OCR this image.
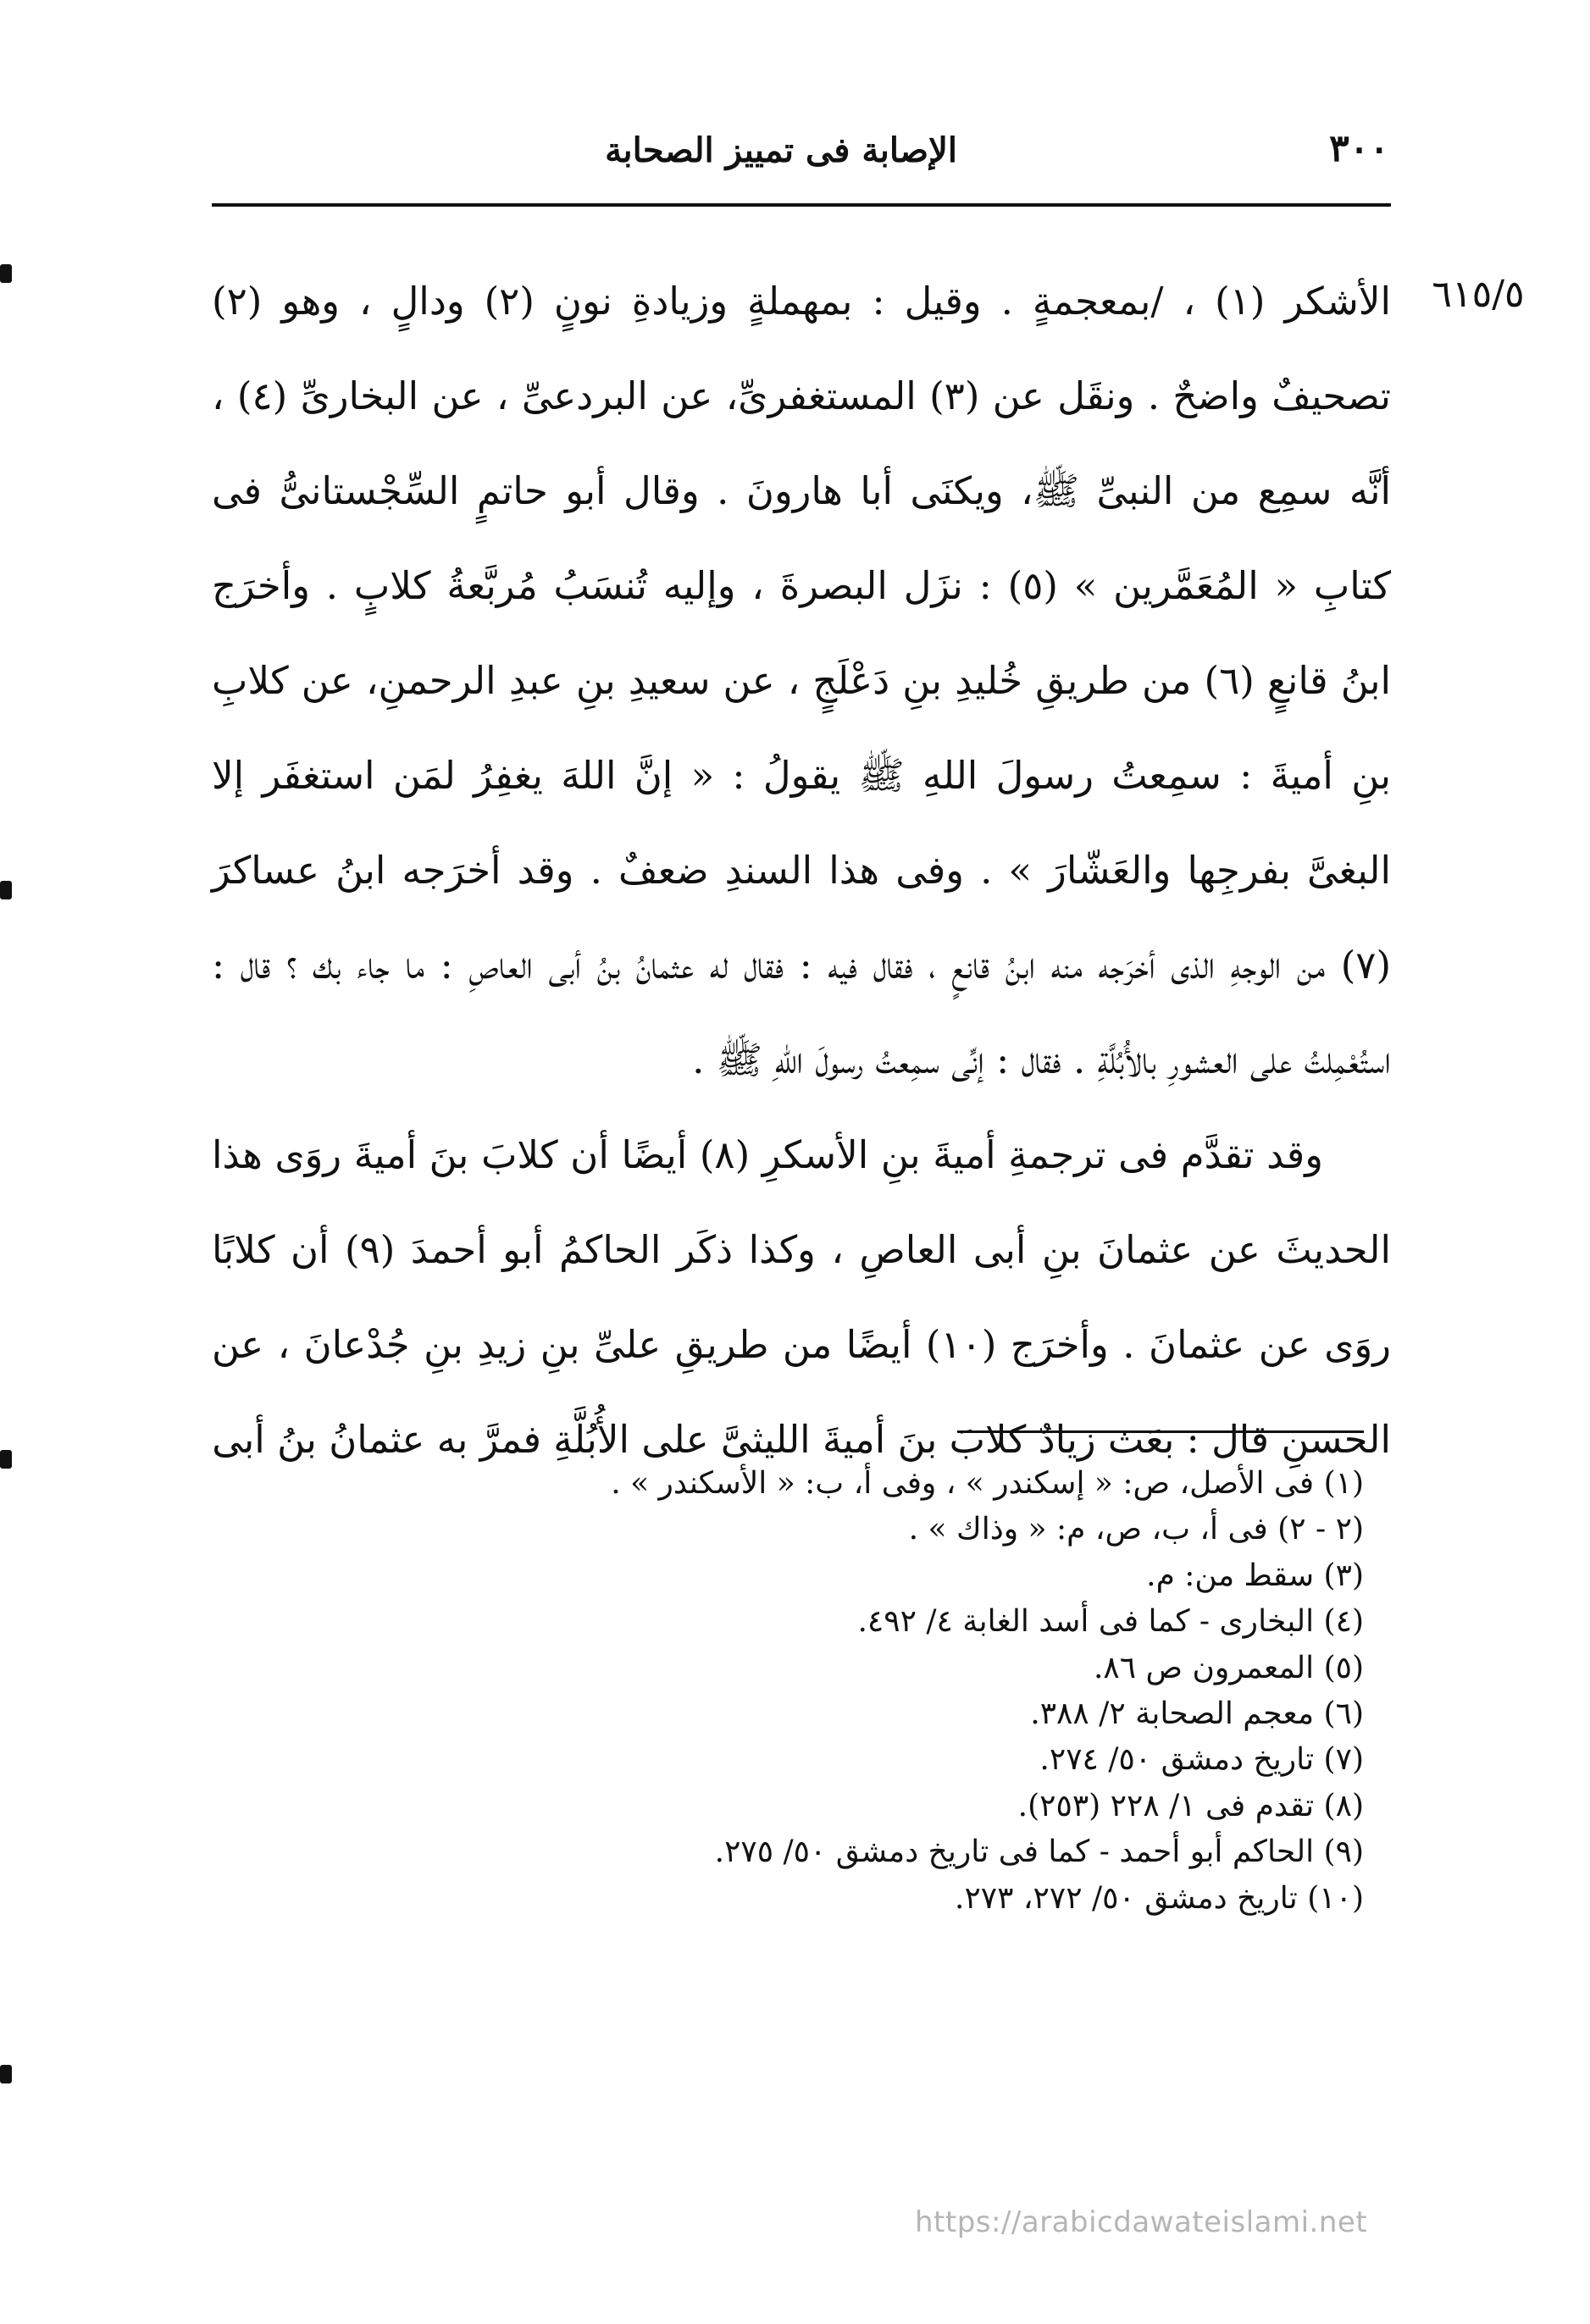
٣٠٠
الإصابة فى تمييز الصحابة
٦١٥/٥

الأشكر (١) ، /بمعجمةٍ . وقيل : بمهملةٍ وزيادةِ نونٍ (٢) ودالٍ ، وهو (٢) تصحيفٌ واضحٌ . ونقَل عن (٣) المستغفرىِّ، عن البردعىِّ ، عن البخارىِّ (٤) ، أنَّه سمِع من النبىِّ ﷺ، ويكنَى أبا هارونَ . وقال أبو حاتمٍ السِّجْستانىُّ فى كتابِ « المُعَمَّرين » (٥) : نزَل البصرةَ ، وإليه تُنسَبُ مُربَّعةُ كلابٍ . وأخرَج ابنُ قانعٍ (٦) من طريقِ خُليدِ بنِ دَعْلَجٍ ، عن سعيدِ بنِ عبدِ الرحمنِ، عن كلابِ بنِ أميةَ : سمِعتُ رسولَ اللهِ ﷺ يقولُ : « إنَّ اللهَ يغفِرُ لمَن استغفَر إلا البغىَّ بفرجِها والعَشّارَ » . وفى هذا السندِ ضعفٌ . وقد أخرَجه ابنُ عساكرَ (٧) من الوجهِ الذى أخرَجه منه ابنُ قانعٍ ، فقال فيه : فقال له عثمانُ بنُ أبى العاصِ : ما جاء بك ؟ قال : استُعْمِلتُ على العشورِ بالأُبُلَّةِ . فقال : إنِّى سمِعتُ رسولَ اللهِ ﷺ .

وقد تقدَّم فى ترجمةِ أميةَ بنِ الأسكرِ (٨) أيضًا أن كلابَ بنَ أميةَ روَى هذا الحديثَ عن عثمانَ بنِ أبى العاصِ ، وكذا ذكَر الحاكمُ أبو أحمدَ (٩) أن كلابًا روَى عن عثمانَ . وأخرَج (١٠) أيضًا من طريقِ علىِّ بنِ زيدِ بنِ جُدْعانَ ، عن الحسنِ قال : بعَث زيادٌ كلابَ بنَ أميةَ الليثىَّ على الأُبُلَّةِ فمرَّ به عثمانُ بنُ أبى

(١) فى الأصل، ص: « إسكندر » ، وفى أ، ب: « الأسكندر » .
(٢ - ٢) فى أ، ب، ص، م: « وذاك » .
(٣) سقط من: م.
(٤) البخارى - كما فى أسد الغابة ٤/ ٤٩٢.
(٥) المعمرون ص ٨٦.
(٦) معجم الصحابة ٢/ ٣٨٨.
(٧) تاريخ دمشق ٥٠/ ٢٧٤.
(٨) تقدم فى ١/ ٢٢٨ (٢٥٣).
(٩) الحاكم أبو أحمد - كما فى تاريخ دمشق ٥٠/ ٢٧٥.
(١٠) تاريخ دمشق ٥٠/ ٢٧٢، ٢٧٣.
https://arabicdawateislami.net
